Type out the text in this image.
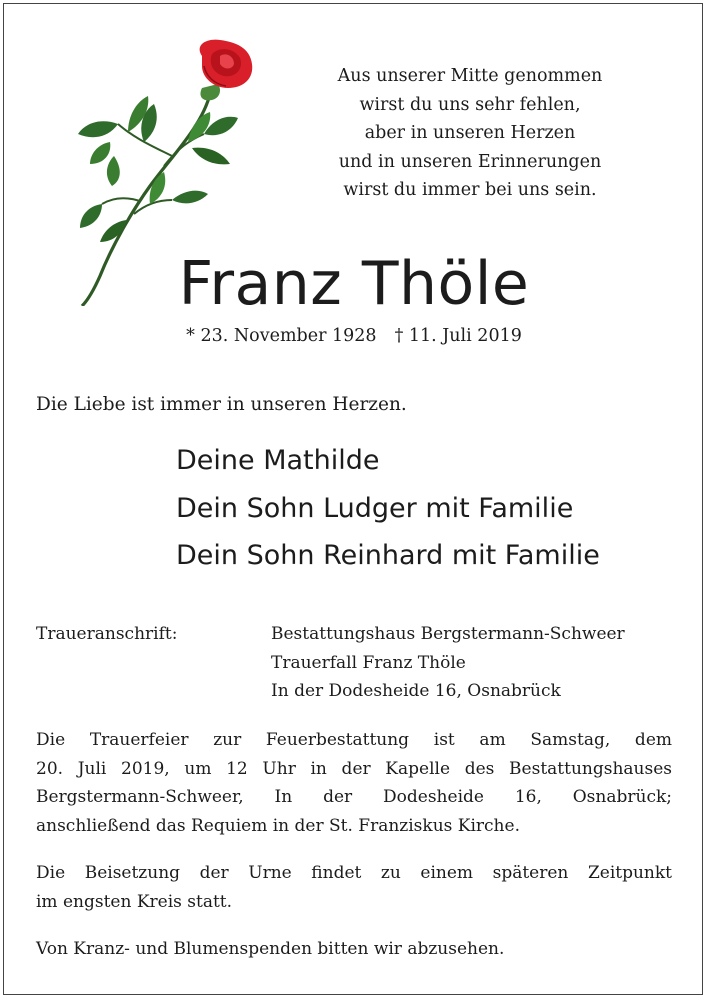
Aus unserer Mitte genommen
wirst du uns sehr fehlen,
aber in unseren Herzen
und in unseren Erinnerungen
wirst du immer bei uns sein.
Franz Thöle
* 23. November 1928 † 11. Juli 2019
Die Liebe ist immer in unseren Herzen.
Deine Mathilde
Dein Sohn Ludger mit Familie
Dein Sohn Reinhard mit Familie
Traueranschrift:	Bestattungshaus Bergstermann-Schweer
Trauerfall Franz Thöle
In der Dodesheide 16, Osnabrück
Die Trauerfeier zur Feuerbestattung ist am Samstag, dem
20. Juli 2019, um 12 Uhr in der Kapelle des Bestattungshauses
Bergstermann-Schweer, In der Dodesheide 16, Osnabrück;
anschließend das Requiem in der St. Franziskus Kirche.
Die Beisetzung der Urne findet zu einem späteren Zeitpunkt
im engsten Kreis statt.
Von Kranz- und Blumenspenden bitten wir abzusehen.
